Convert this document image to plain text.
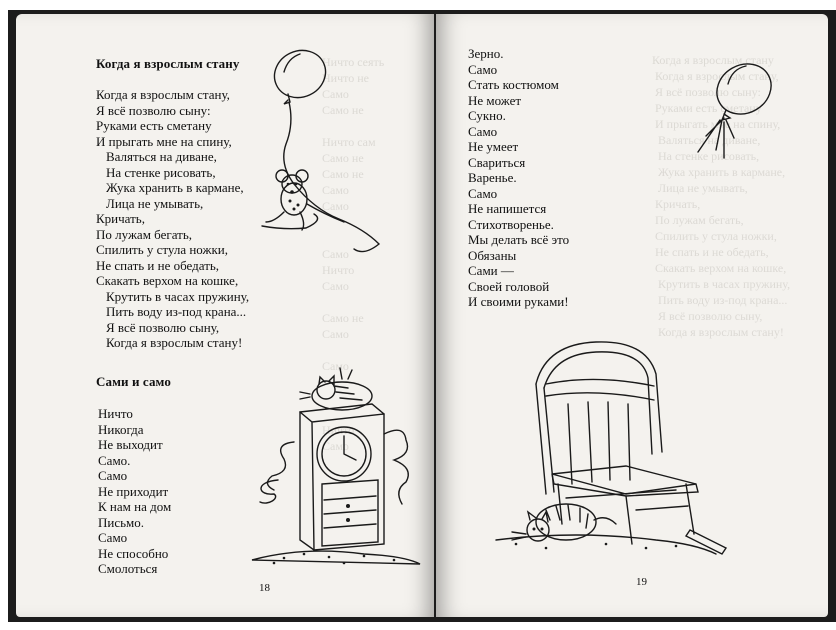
Ничто сеять
Ничто не
Само
Само не

Ничто сам
Само не
Само не
Само
Само

Само
Ничто
Само

Само не
Само

Само

Ничто
Само
Когда я взрослым стану
Когда я взрослым стану,
Я всё позволю сыну:
Руками есть сметану
И прыгать мне на спину,
Валяться на диване,
На стенке рисовать,
Жука хранить в кармане,
Лица не умывать,
Кричать,
По лужам бегать,
Спилить у стула ножки,
Не спать и не обедать,
Скакать верхом на кошке,
Крутить в часах пружину,
Пить воду из-под крана...
Я всё позволю сыну,
Когда я взрослым стану!
Сами и само
Ничто
Никогда
Не выходит
Само.
Само
Не приходит
К нам на дом
Письмо.
Само
Не способно
Смолоться
18
Когда я взрослым стану
Когда я взрослым стану,
Я всё позволю сыну:
Руками есть сметану
И прыгать мне на спину,
Валяться на диване,
На стенке рисовать,
Жука хранить в кармане,
Лица не умывать,
Кричать,
По лужам бегать,
Спилить у стула ножки,
Не спать и не обедать,
Скакать верхом на кошке,
Крутить в часах пружину,
Пить воду из-под крана...
Я всё позволю сыну,
Когда я взрослым стану!
Зерно.
Само
Стать костюмом
Не может
Сукно.
Само
Не умеет
Свариться
Варенье.
Само
Не напишется
Стихотворенье.
Мы делать всё это
Обязаны
Сами —
Своей головой
И своими руками!
19
